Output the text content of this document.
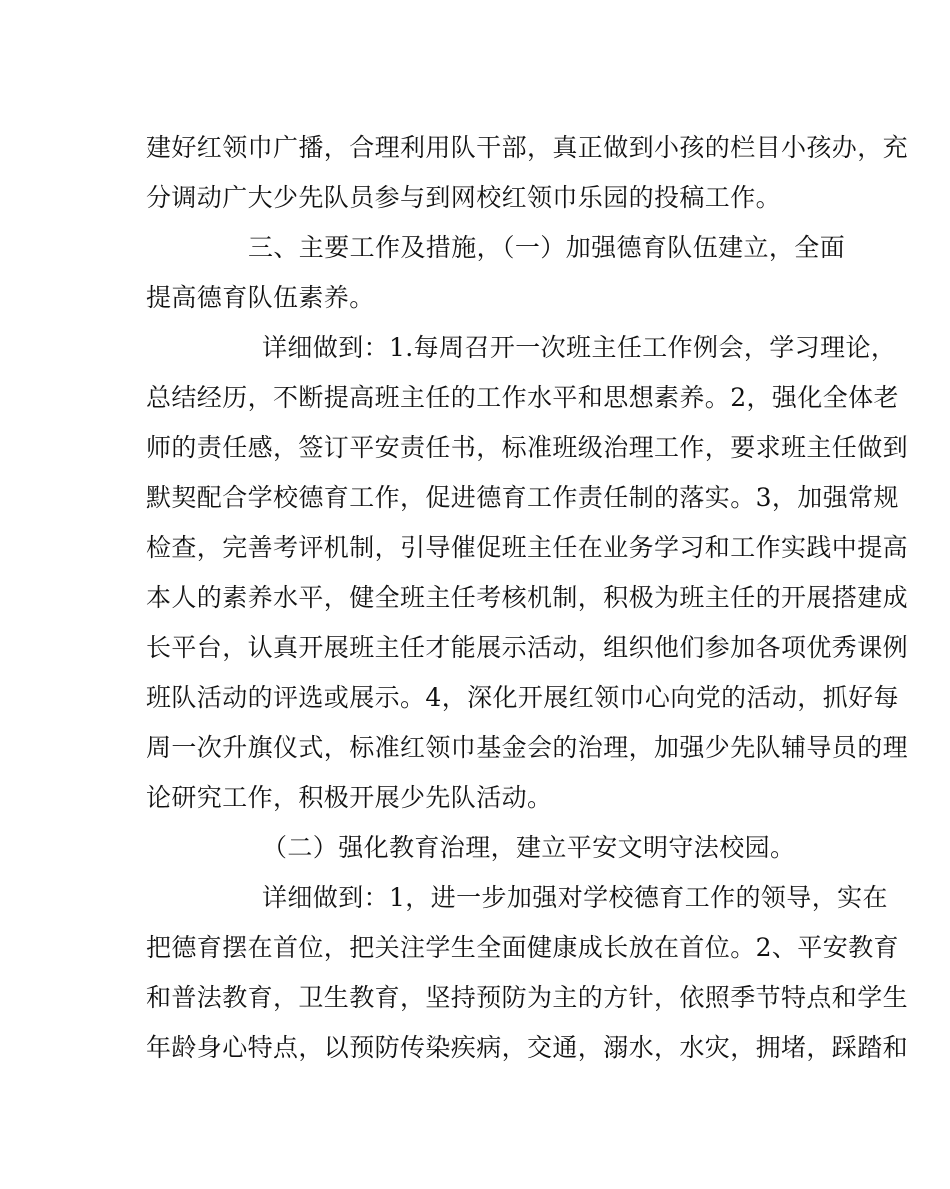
建好红领巾广播，合理利用队干部，真正做到小孩的栏目小孩办，充
分调动广大少先队员参与到网校红领巾乐园的投稿工作。
三、主要工作及措施，（一）加强德育队伍建立，全面
提高德育队伍素养。
详细做到：1.每周召开一次班主任工作例会，学习理论，
总结经历，不断提高班主任的工作水平和思想素养。2，强化全体老
师的责任感，签订平安责任书，标准班级治理工作，要求班主任做到
默契配合学校德育工作，促进德育工作责任制的落实。3，加强常规
检查，完善考评机制，引导催促班主任在业务学习和工作实践中提高
本人的素养水平，健全班主任考核机制，积极为班主任的开展搭建成
长平台，认真开展班主任才能展示活动，组织他们参加各项优秀课例
班队活动的评选或展示。4，深化开展红领巾心向党的活动，抓好每
周一次升旗仪式，标准红领巾基金会的治理，加强少先队辅导员的理
论研究工作，积极开展少先队活动。
（二）强化教育治理，建立平安文明守法校园。
详细做到：1，进一步加强对学校德育工作的领导，实在
把德育摆在首位，把关注学生全面健康成长放在首位。2、平安教育
和普法教育，卫生教育，坚持预防为主的方针，依照季节特点和学生
年龄身心特点，以预防传染疾病，交通，溺水，水灾，拥堵，踩踏和
